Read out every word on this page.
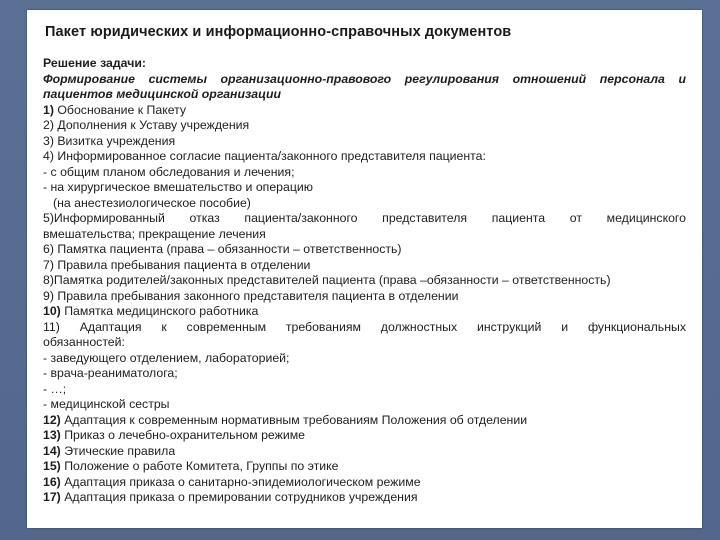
Пакет юридических и информационно-справочных документов
Решение задачи:
Формирование системы организационно-правового регулирования отношений персонала и пациентов медицинской организации
1) Обоснование к Пакету
2) Дополнения к Уставу учреждения
3) Визитка учреждения
4) Информированное согласие пациента/законного представителя пациента:
- с общим планом обследования и лечения;
- на хирургическое вмешательство и операцию
(на анестезиологическое пособие)
5)Информированный отказ пациента/законного представителя пациента от медицинского
вмешательства; прекращение лечения
6) Памятка пациента (права – обязанности – ответственность)
7) Правила пребывания пациента в отделении
8)Памятка родителей/законных представителей пациента (права –обязанности – ответственность)
9) Правила пребывания законного представителя пациента в отделении
10) Памятка медицинского работника
11) Адаптация к современным требованиям должностных инструкций и функциональных
обязанностей:
- заведующего отделением, лабораторией;
- врача-реаниматолога;
- …;
- медицинской сестры
12) Адаптация к современным нормативным требованиям Положения об отделении
13) Приказ о лечебно-охранительном режиме
14) Этические правила
15) Положение о работе Комитета, Группы по этике
16) Адаптация приказа о санитарно-эпидемиологическом режиме
17) Адаптация приказа о премировании сотрудников учреждения
